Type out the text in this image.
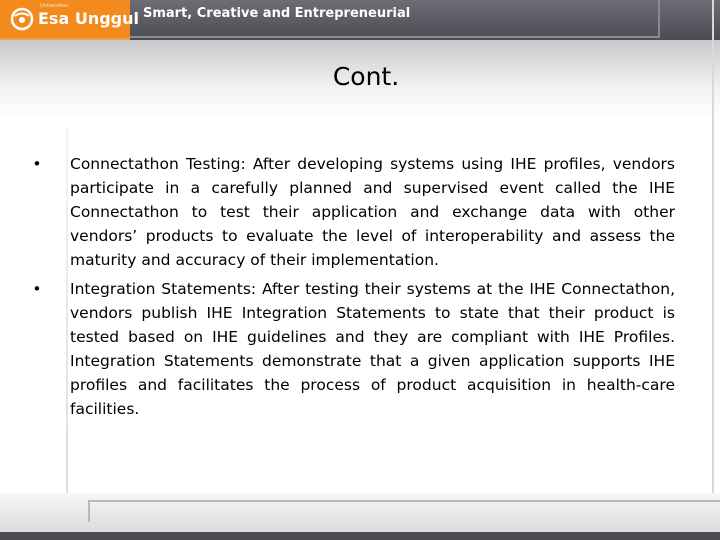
Universitas
Esa Unggul Smart, Creative and Entrepreneurial
Cont.

• Connectathon Testing: After developing systems using IHE profiles, vendors participate in a carefully planned and supervised event called the IHE Connectathon to test their application and exchange data with other vendors’ products to evaluate the level of interoperability and assess the maturity and accuracy of their implementation.

• Integration Statements: After testing their systems at the IHE Connectathon, vendors publish IHE Integration Statements to state that their product is tested based on IHE guidelines and they are compliant with IHE Profiles. Integration Statements demonstrate that a given application supports IHE profiles and facilitates the process of product acquisition in health-care facilities.
